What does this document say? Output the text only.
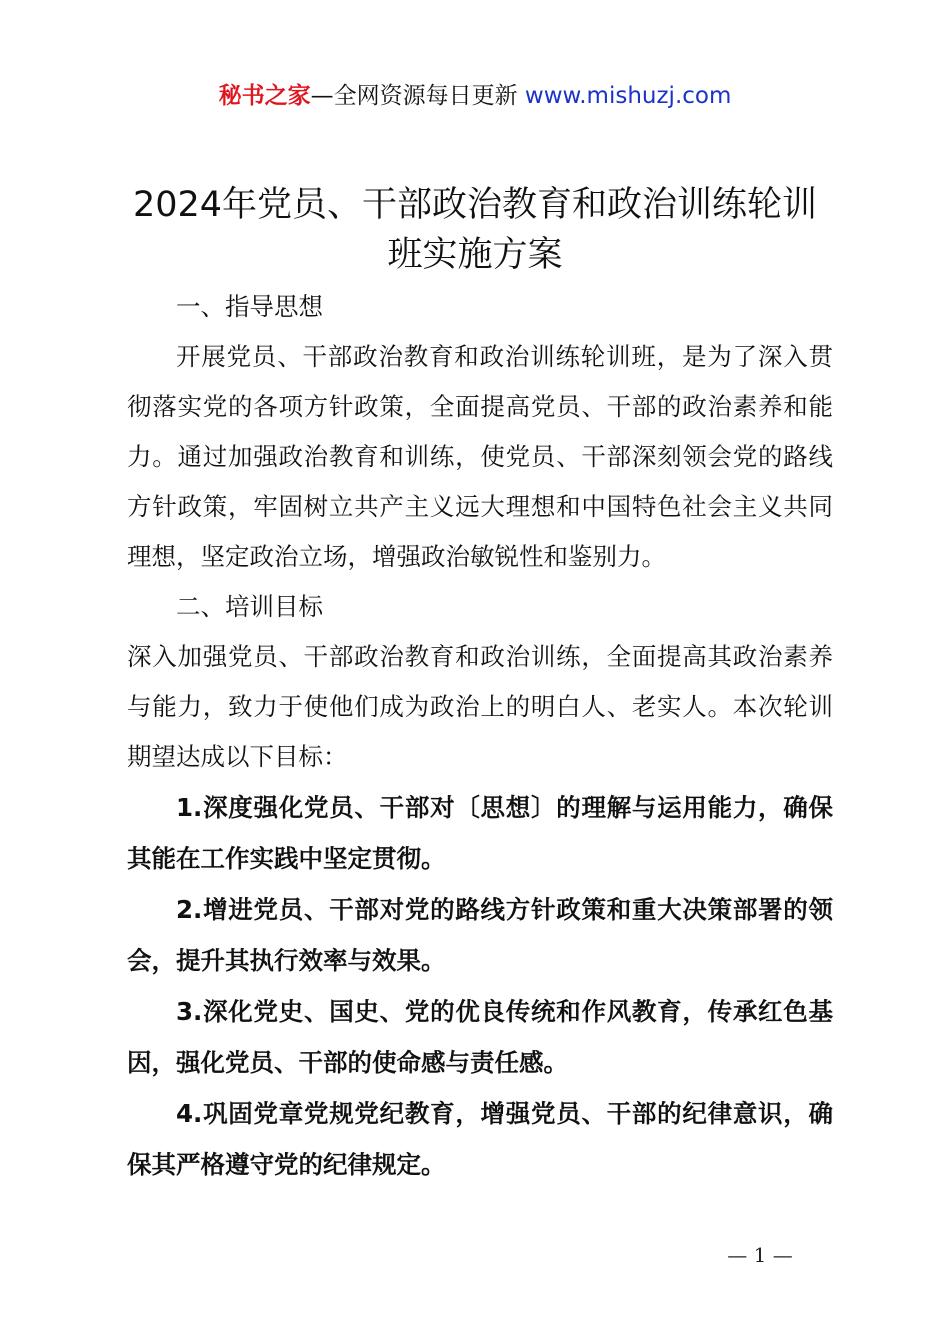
秘书之家—全网资源每日更新 www.mishuzj.com
2024年党员、干部政治教育和政治训练轮训班实施方案

一、指导思想

开展党员、干部政治教育和政治训练轮训班，是为了深入贯彻落实党的各项方针政策，全面提高党员、干部的政治素养和能力。通过加强政治教育和训练，使党员、干部深刻领会党的路线方针政策，牢固树立共产主义远大理想和中国特色社会主义共同理想，坚定政治立场，增强政治敏锐性和鉴别力。

二、培训目标

深入加强党员、干部政治教育和政治训练，全面提高其政治素养与能力，致力于使他们成为政治上的明白人、老实人。本次轮训期望达成以下目标：

1.深度强化党员、干部对〔思想〕的理解与运用能力，确保其能在工作实践中坚定贯彻。

2.增进党员、干部对党的路线方针政策和重大决策部署的领会，提升其执行效率与效果。

3.深化党史、国史、党的优良传统和作风教育，传承红色基因，强化党员、干部的使命感与责任感。

4.巩固党章党规党纪教育，增强党员、干部的纪律意识，确保其严格遵守党的纪律规定。

— 1 —
